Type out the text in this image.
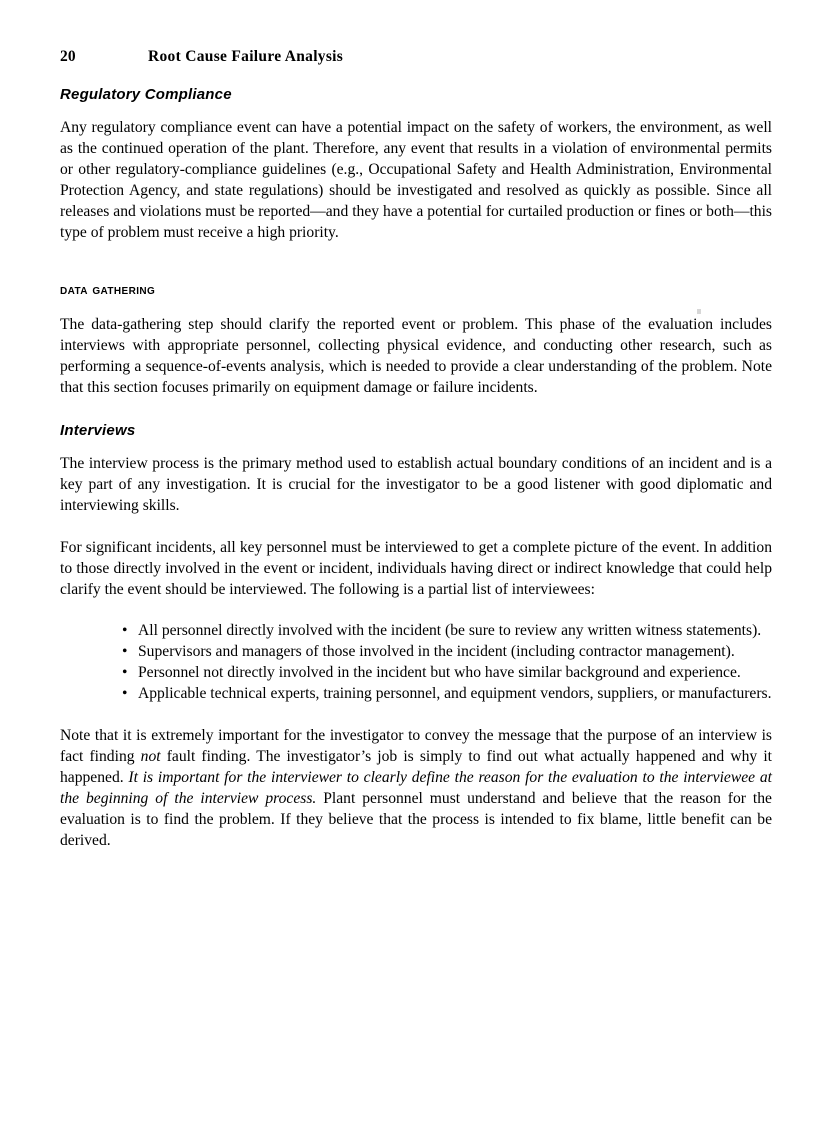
20	Root Cause Failure Analysis
Regulatory Compliance

Any regulatory compliance event can have a potential impact on the safety of workers, the environment, as well as the continued operation of the plant. Therefore, any event that results in a violation of environmental permits or other regulatory-compliance guidelines (e.g., Occupational Safety and Health Administration, Environmental Protection Agency, and state regulations) should be investigated and resolved as quickly as possible. Since all releases and violations must be reported—and they have a potential for curtailed production or fines or both—this type of problem must receive a high priority.

data gathering

The data-gathering step should clarify the reported event or problem. This phase of the evaluation includes interviews with appropriate personnel, collecting physical evidence, and conducting other research, such as performing a sequence-of-events analysis, which is needed to provide a clear understanding of the problem. Note that this section focuses primarily on equipment damage or failure incidents.

Interviews

The interview process is the primary method used to establish actual boundary conditions of an incident and is a key part of any investigation. It is crucial for the investigator to be a good listener with good diplomatic and interviewing skills.

For significant incidents, all key personnel must be interviewed to get a complete picture of the event. In addition to those directly involved in the event or incident, individuals having direct or indirect knowledge that could help clarify the event should be interviewed. The following is a partial list of interviewees:

• All personnel directly involved with the incident (be sure to review any written witness statements).
• Supervisors and managers of those involved in the incident (including contractor management).
• Personnel not directly involved in the incident but who have similar background and experience.
• Applicable technical experts, training personnel, and equipment vendors, suppliers, or manufacturers.

Note that it is extremely important for the investigator to convey the message that the purpose of an interview is fact finding not fault finding. The investigator’s job is simply to find out what actually happened and why it happened. It is important for the interviewer to clearly define the reason for the evaluation to the interviewee at the beginning of the interview process. Plant personnel must understand and believe that the reason for the evaluation is to find the problem. If they believe that the process is intended to fix blame, little benefit can be derived.
